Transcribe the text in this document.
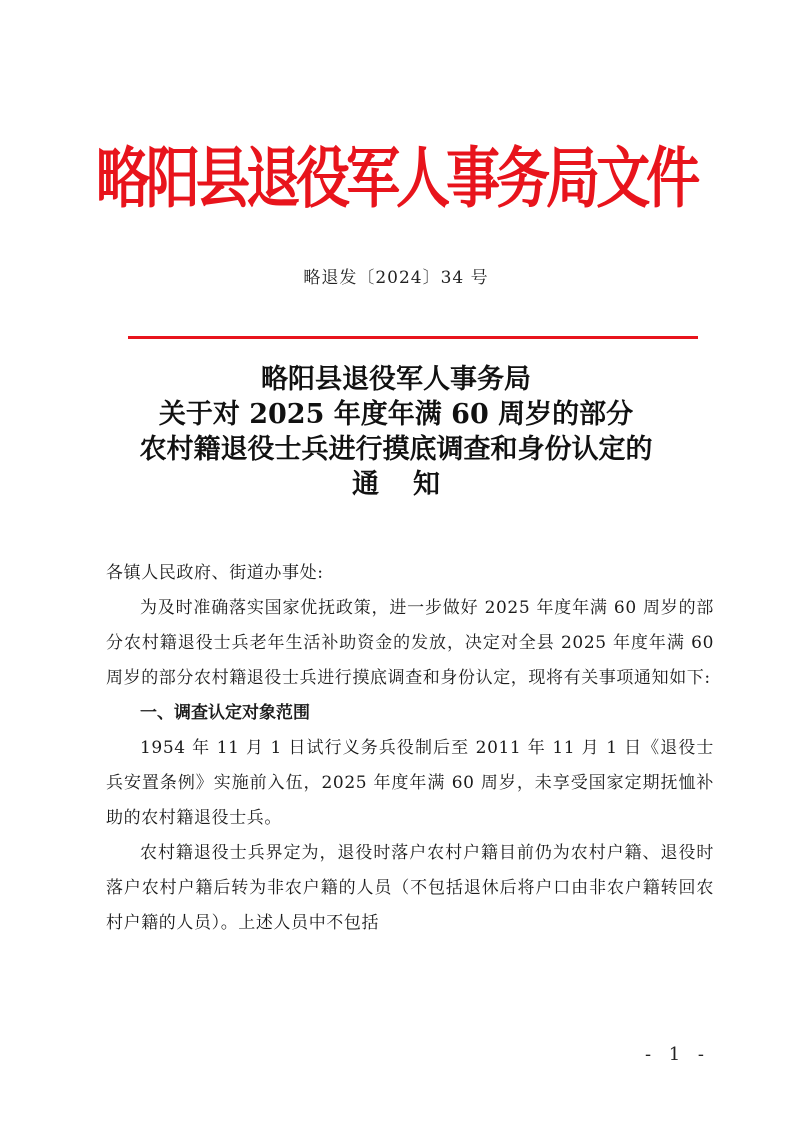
略阳县退役军人事务局文件
略退发〔2024〕34 号
略阳县退役军人事务局
关于对 2025 年度年满 60 周岁的部分
农村籍退役士兵进行摸底调查和身份认定的
通知

各镇人民政府、街道办事处:

为及时准确落实国家优抚政策，进一步做好 2025 年度年满 60 周岁的部分农村籍退役士兵老年生活补助资金的发放，决定对全县 2025 年度年满 60 周岁的部分农村籍退役士兵进行摸底调查和身份认定，现将有关事项通知如下:

一、调查认定对象范围

1954 年 11 月 1 日试行义务兵役制后至 2011 年 11 月 1 日《退役士兵安置条例》实施前入伍，2025 年度年满 60 周岁，未享受国家定期抚恤补助的农村籍退役士兵。

农村籍退役士兵界定为，退役时落户农村户籍目前仍为农村户籍、退役时落户农村户籍后转为非农户籍的人员（不包括退休后将户口由非农户籍转回农村户籍的人员）。上述人员中不包括

- 1 -
